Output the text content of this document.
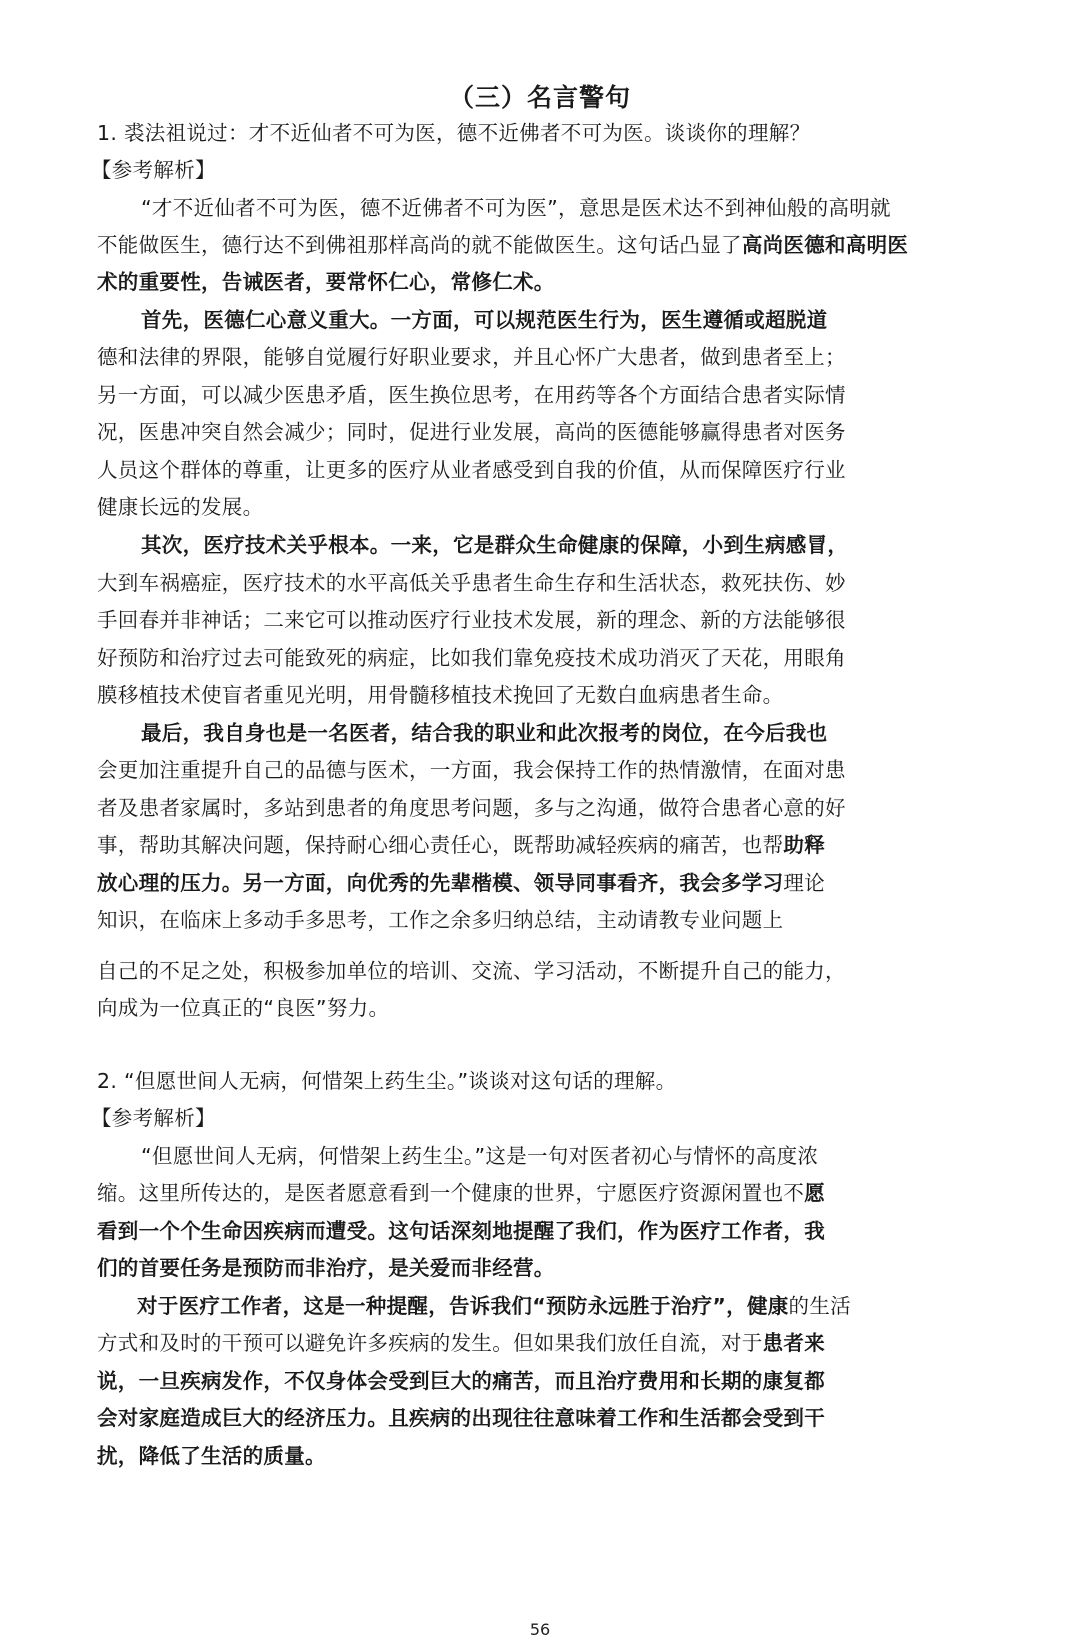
（三）名言警句
1. 裘法祖说过：才不近仙者不可为医，德不近佛者不可为医。谈谈你的理解？
【参考解析】
“才不近仙者不可为医，德不近佛者不可为医”，意思是医术达不到神仙般的高明就
不能做医生，德行达不到佛祖那样高尚的就不能做医生。这句话凸显了高尚医德和高明医
术的重要性，告诫医者，要常怀仁心，常修仁术。
首先，医德仁心意义重大。一方面，可以规范医生行为，医生遵循或超脱道
德和法律的界限，能够自觉履行好职业要求，并且心怀广大患者，做到患者至上；
另一方面，可以减少医患矛盾，医生换位思考，在用药等各个方面结合患者实际情
况，医患冲突自然会减少；同时，促进行业发展，高尚的医德能够赢得患者对医务
人员这个群体的尊重，让更多的医疗从业者感受到自我的价值，从而保障医疗行业
健康长远的发展。
其次，医疗技术关乎根本。一来，它是群众生命健康的保障，小到生病感冒，
大到车祸癌症，医疗技术的水平高低关乎患者生命生存和生活状态，救死扶伤、妙
手回春并非神话；二来它可以推动医疗行业技术发展，新的理念、新的方法能够很
好预防和治疗过去可能致死的病症，比如我们靠免疫技术成功消灭了天花，用眼角
膜移植技术使盲者重见光明，用骨髓移植技术挽回了无数白血病患者生命。
最后，我自身也是一名医者，结合我的职业和此次报考的岗位，在今后我也
会更加注重提升自己的品德与医术，一方面，我会保持工作的热情激情，在面对患
者及患者家属时，多站到患者的角度思考问题，多与之沟通，做符合患者心意的好
事，帮助其解决问题，保持耐心细心责任心，既帮助减轻疾病的痛苦，也帮助释
放心理的压力。另一方面，向优秀的先辈楷模、领导同事看齐，我会多学习理论
知识，在临床上多动手多思考，工作之余多归纳总结，主动请教专业问题上
自己的不足之处，积极参加单位的培训、交流、学习活动，不断提升自己的能力，
向成为一位真正的“良医”努力。
2. “但愿世间人无病，何惜架上药生尘。”谈谈对这句话的理解。
【参考解析】
“但愿世间人无病，何惜架上药生尘。”这是一句对医者初心与情怀的高度浓
缩。这里所传达的，是医者愿意看到一个健康的世界，宁愿医疗资源闲置也不愿
看到一个个生命因疾病而遭受。这句话深刻地提醒了我们，作为医疗工作者，我
们的首要任务是预防而非治疗，是关爱而非经营。
对于医疗工作者，这是一种提醒，告诉我们“预防永远胜于治疗”，健康的生活
方式和及时的干预可以避免许多疾病的发生。但如果我们放任自流，对于患者来
说，一旦疾病发作，不仅身体会受到巨大的痛苦，而且治疗费用和长期的康复都
会对家庭造成巨大的经济压力。且疾病的出现往往意味着工作和生活都会受到干
扰，降低了生活的质量。
56
